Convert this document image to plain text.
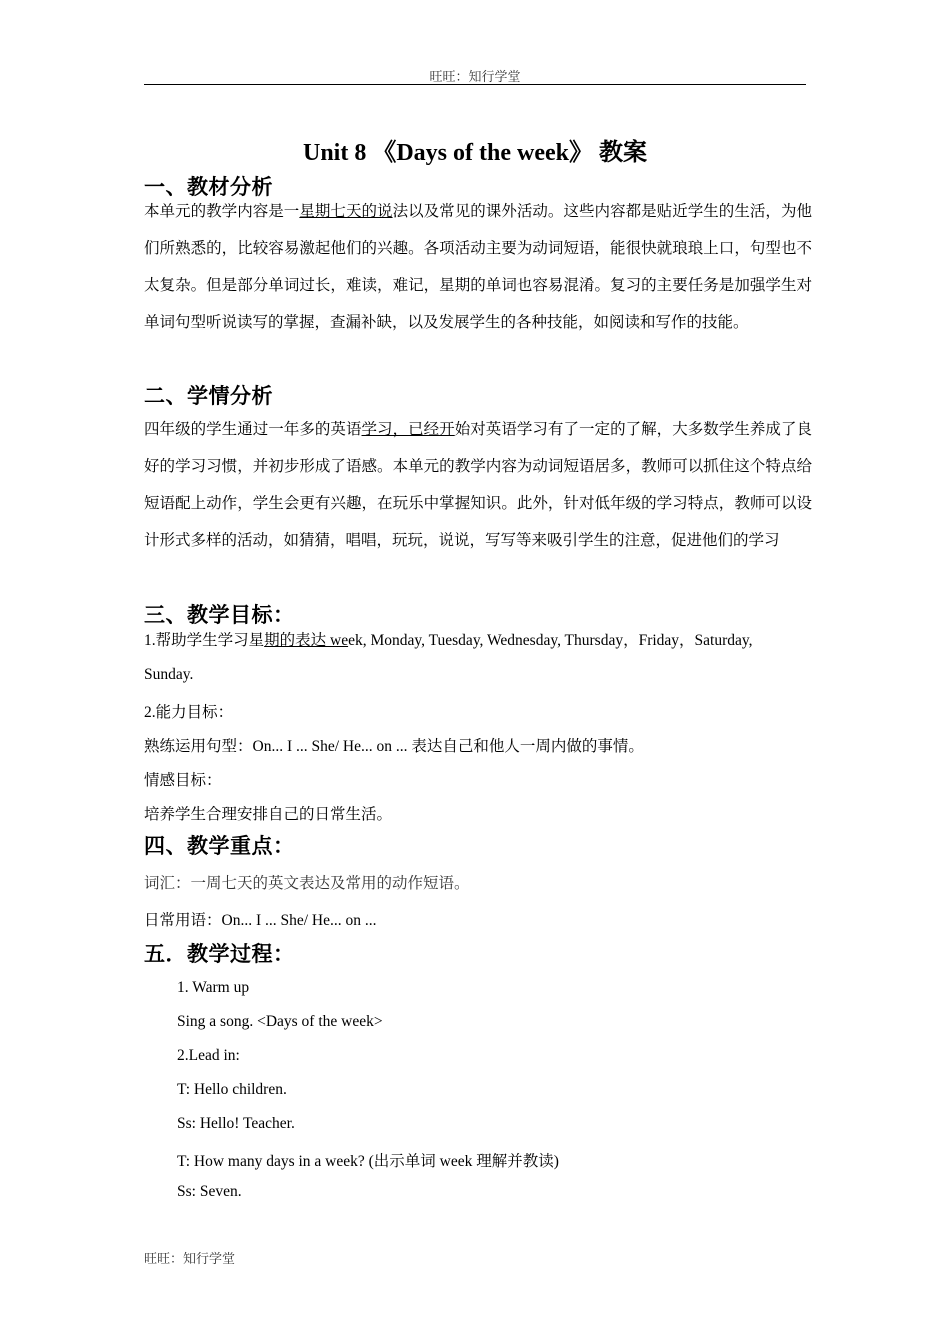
旺旺：知行学堂
Unit 8 《Days of the week》 教案
一、教材分析
本单元的教学内容是一星期七天的说法以及常见的课外活动。这些内容都是贴近学生的生活，为他们所熟悉的，比较容易激起他们的兴趣。各项活动主要为动词短语，能很快就琅琅上口，句型也不太复杂。但是部分单词过长，难读，难记，星期的单词也容易混淆。复习的主要任务是加强学生对单词句型听说读写的掌握，查漏补缺，以及发展学生的各种技能，如阅读和写作的技能。
二、学情分析
四年级的学生通过一年多的英语学习，已经开始对英语学习有了一定的了解，大多数学生养成了良好的学习习惯，并初步形成了语感。本单元的教学内容为动词短语居多，教师可以抓住这个特点给短语配上动作，学生会更有兴趣，在玩乐中掌握知识。此外，针对低年级的学习特点，教师可以设计形式多样的活动，如猜猜，唱唱，玩玩，说说，写写等来吸引学生的注意，促进他们的学习
三、教学目标：
1.帮助学生学习星期的表达 week, Monday, Tuesday, Wednesday, Thursday，Friday，Saturday,
Sunday.
2.能力目标：
熟练运用句型：On... I ... She/ He... on ... 表达自己和他人一周内做的事情。
情感目标：
培养学生合理安排自己的日常生活。
四、教学重点：
词汇：一周七天的英文表达及常用的动作短语。
日常用语：On... I ... She/ He... on ...
五．教学过程：
1. Warm up
Sing a song. <Days of the week>
2.Lead in:
T: Hello children.
Ss: Hello! Teacher.
T: How many days in a week? (出示单词 week 理解并教读)
Ss: Seven.
旺旺：知行学堂
